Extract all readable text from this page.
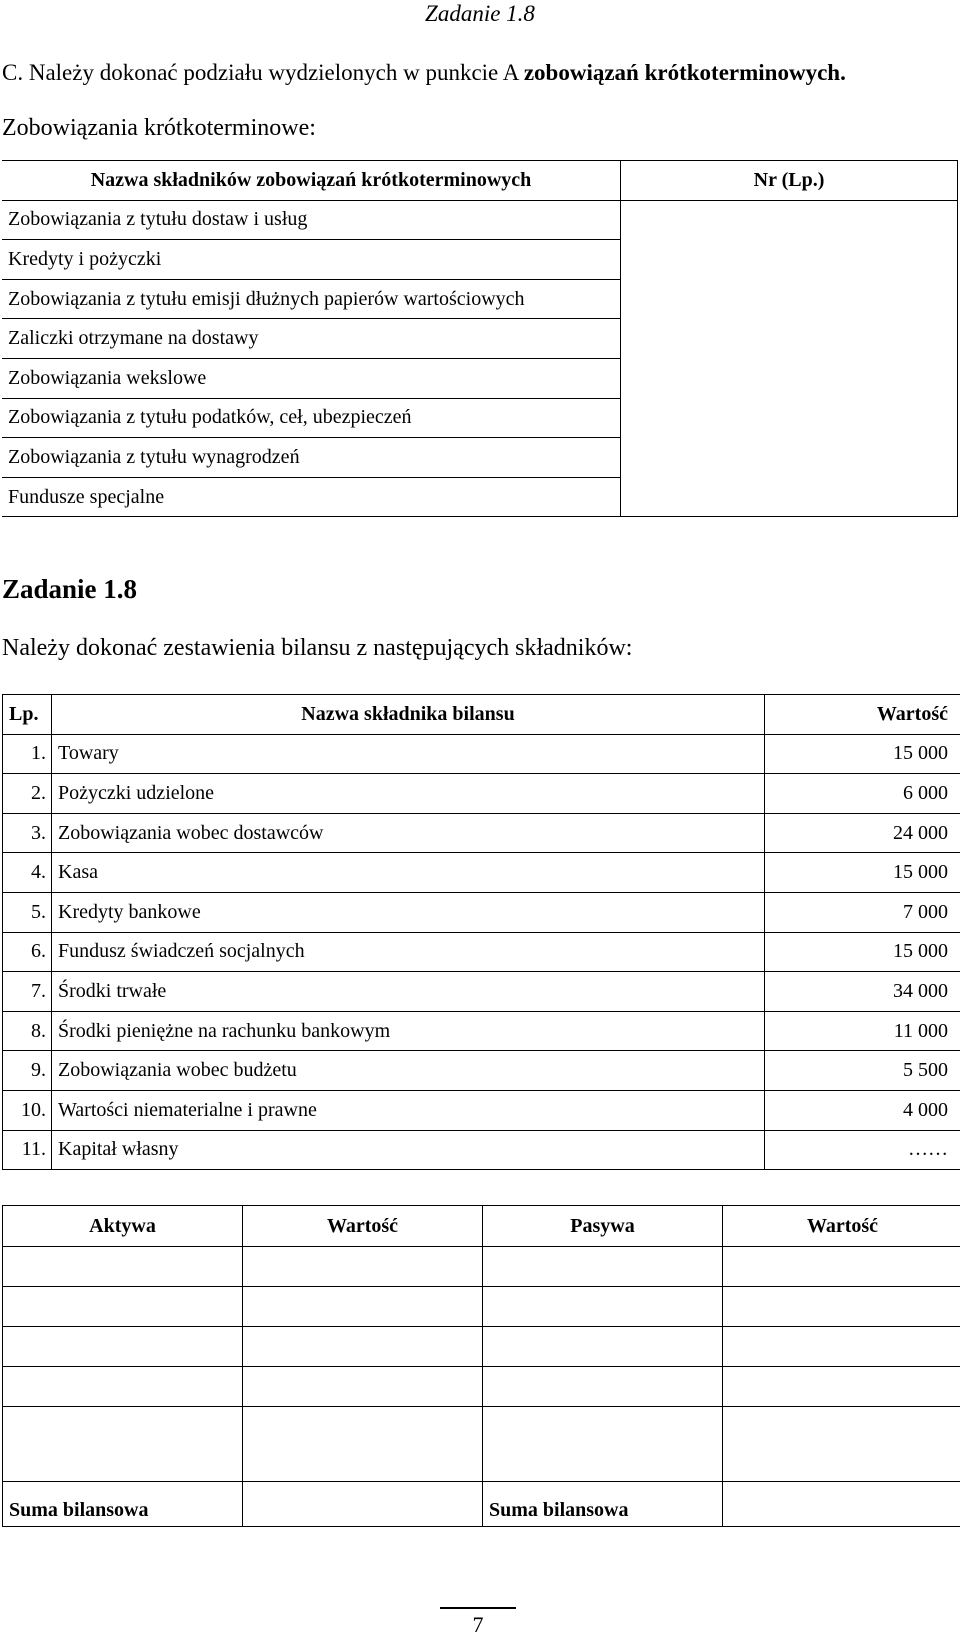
Zadanie 1.8
C. Należy dokonać podziału wydzielonych w punkcie A zobowiązań krótkoterminowych.
Zobowiązania krótkoterminowe:
Nazwa składników zobowiązań krótkoterminowych	Nr (Lp.)
Zobowiązania z tytułu dostaw i usług	
Kredyty i pożyczki	
Zobowiązania z tytułu emisji dłużnych papierów wartościowych	
Zaliczki otrzymane na dostawy	
Zobowiązania wekslowe	
Zobowiązania z tytułu podatków, ceł, ubezpieczeń	
Zobowiązania z tytułu wynagrodzeń	
Fundusze specjalne	
Zadanie 1.8
Należy dokonać zestawienia bilansu z następujących składników:
Lp.	Nazwa składnika bilansu	Wartość
1.	Towary	15 000
2.	Pożyczki udzielone	6 000
3.	Zobowiązania wobec dostawców	24 000
4.	Kasa	15 000
5.	Kredyty bankowe	7 000
6.	Fundusz świadczeń socjalnych	15 000
7.	Środki trwałe	34 000
8.	Środki pieniężne na rachunku bankowym	11 000
9.	Zobowiązania wobec budżetu	5 500
10.	Wartości niematerialne i prawne	4 000
11.	Kapitał własny	……
Aktywa	Wartość	Pasywa	Wartość

Suma bilansowa		Suma bilansowa	
7
